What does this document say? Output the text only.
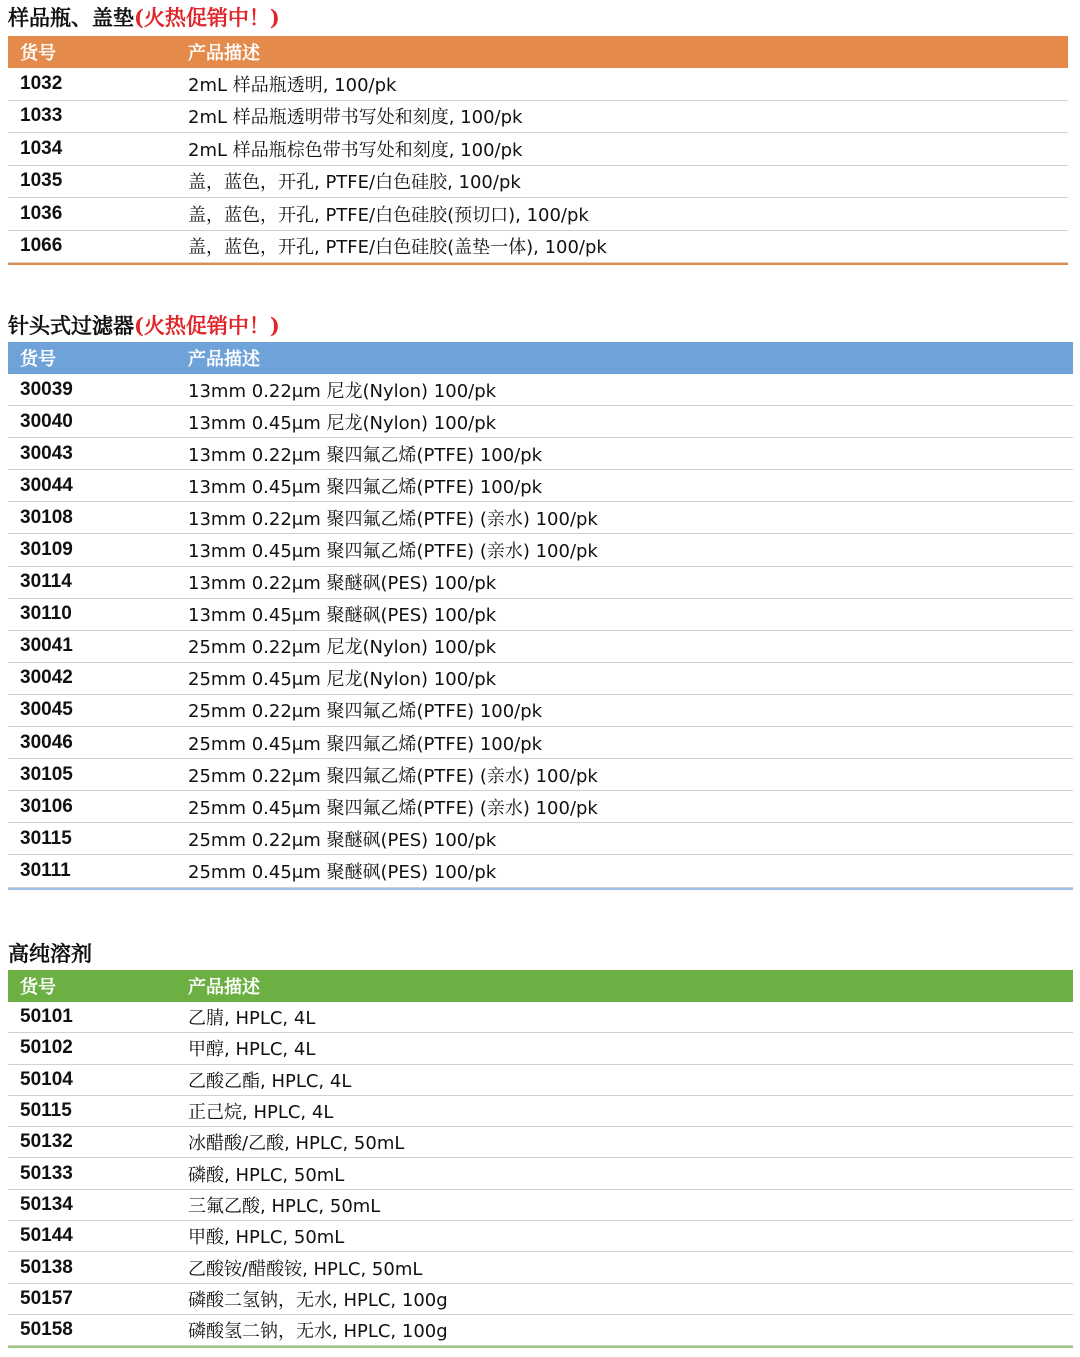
样品瓶、盖垫(火热促销中！)
货号	产品描述
1032	2mL 样品瓶透明, 100/pk
1033	2mL 样品瓶透明带书写处和刻度, 100/pk
1034	2mL 样品瓶棕色带书写处和刻度, 100/pk
1035	盖，蓝色，开孔, PTFE/白色硅胶, 100/pk
1036	盖，蓝色，开孔, PTFE/白色硅胶(预切口), 100/pk
1066	盖，蓝色，开孔, PTFE/白色硅胶(盖垫一体), 100/pk
针头式过滤器(火热促销中！)
货号	产品描述
30039	13mm 0.22μm 尼龙(Nylon) 100/pk
30040	13mm 0.45μm 尼龙(Nylon) 100/pk
30043	13mm 0.22μm 聚四氟乙烯(PTFE) 100/pk
30044	13mm 0.45μm 聚四氟乙烯(PTFE) 100/pk
30108	13mm 0.22μm 聚四氟乙烯(PTFE) (亲水) 100/pk
30109	13mm 0.45μm 聚四氟乙烯(PTFE) (亲水) 100/pk
30114	13mm 0.22μm 聚醚砜(PES) 100/pk
30110	13mm 0.45μm 聚醚砜(PES) 100/pk
30041	25mm 0.22μm 尼龙(Nylon) 100/pk
30042	25mm 0.45μm 尼龙(Nylon) 100/pk
30045	25mm 0.22μm 聚四氟乙烯(PTFE) 100/pk
30046	25mm 0.45μm 聚四氟乙烯(PTFE) 100/pk
30105	25mm 0.22μm 聚四氟乙烯(PTFE) (亲水) 100/pk
30106	25mm 0.45μm 聚四氟乙烯(PTFE) (亲水) 100/pk
30115	25mm 0.22μm 聚醚砜(PES) 100/pk
30111	25mm 0.45μm 聚醚砜(PES) 100/pk
高纯溶剂
货号	产品描述
50101	乙腈, HPLC, 4L
50102	甲醇, HPLC, 4L
50104	乙酸乙酯, HPLC, 4L
50115	正己烷, HPLC, 4L
50132	冰醋酸/乙酸, HPLC, 50mL
50133	磷酸, HPLC, 50mL
50134	三氟乙酸, HPLC, 50mL
50144	甲酸, HPLC, 50mL
50138	乙酸铵/醋酸铵, HPLC, 50mL
50157	磷酸二氢钠，无水, HPLC, 100g
50158	磷酸氢二钠，无水, HPLC, 100g
